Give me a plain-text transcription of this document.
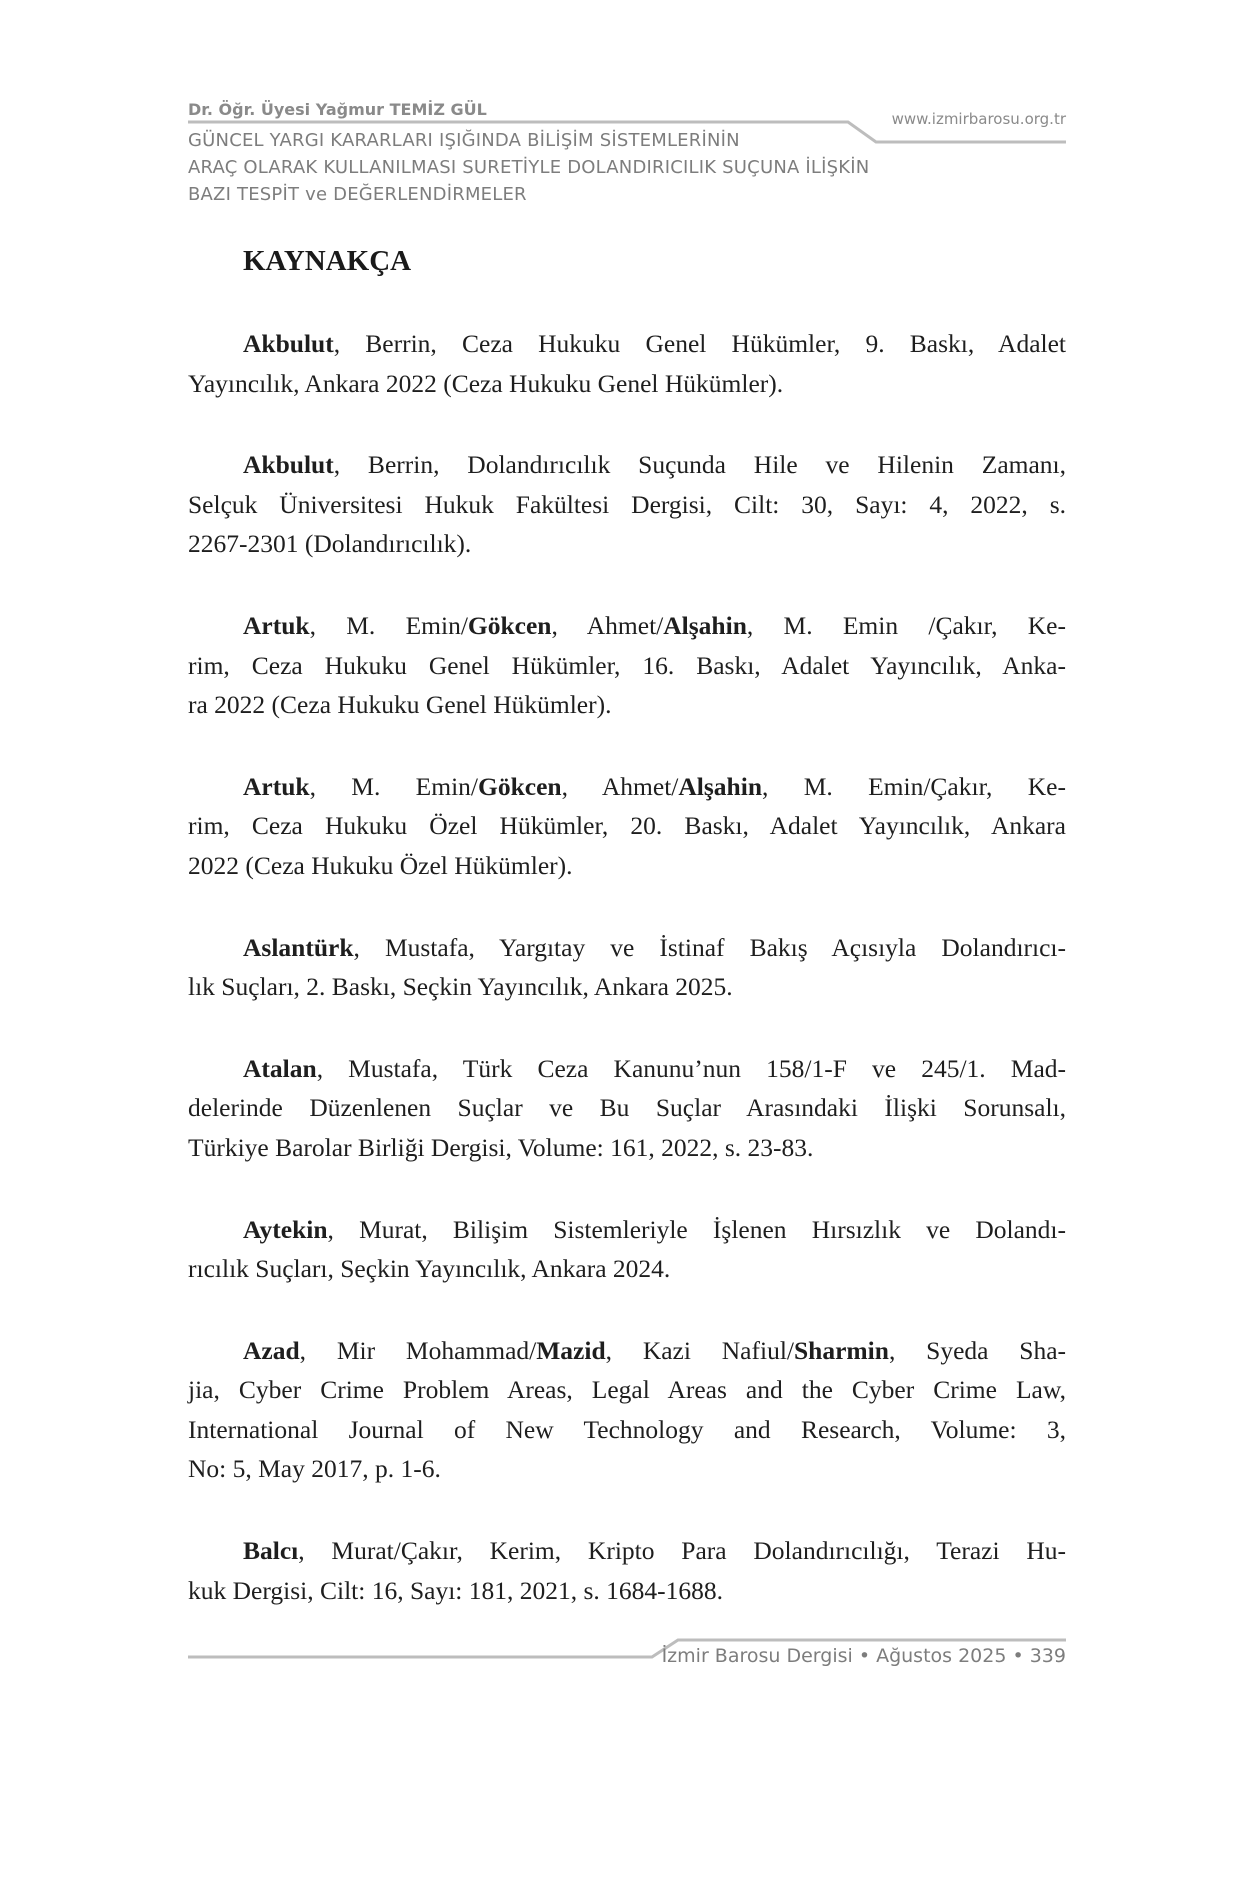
Dr. Öğr. Üyesi Yağmur TEMİZ GÜL	www.izmirbarosu.org.tr
GÜNCEL YARGI KARARLARI IŞIĞINDA BİLİŞİM SİSTEMLERİNİN
ARAÇ OLARAK KULLANILMASI SURETİYLE DOLANDIRICILIK SUÇUNA İLİŞKİN
BAZI TESPİT ve DEĞERLENDİRMELER
KAYNAKÇA
Akbulut, Berrin, Ceza Hukuku Genel Hükümler, 9. Baskı, Adalet
Yayıncılık, Ankara 2022 (Ceza Hukuku Genel Hükümler).
Akbulut, Berrin, Dolandırıcılık Suçunda Hile ve Hilenin Zamanı,
Selçuk Üniversitesi Hukuk Fakültesi Dergisi, Cilt: 30, Sayı: 4, 2022, s.
2267-2301 (Dolandırıcılık).
Artuk, M. Emin/Gökcen, Ahmet/Alşahin, M. Emin /Çakır, Ke-
rim, Ceza Hukuku Genel Hükümler, 16. Baskı, Adalet Yayıncılık, Anka-
ra 2022 (Ceza Hukuku Genel Hükümler).
Artuk, M. Emin/Gökcen, Ahmet/Alşahin, M. Emin/Çakır, Ke-
rim, Ceza Hukuku Özel Hükümler, 20. Baskı, Adalet Yayıncılık, Ankara
2022 (Ceza Hukuku Özel Hükümler).
Aslantürk, Mustafa, Yargıtay ve İstinaf Bakış Açısıyla Dolandırıcı-
lık Suçları, 2. Baskı, Seçkin Yayıncılık, Ankara 2025.
Atalan, Mustafa, Türk Ceza Kanunu’nun 158/1-F ve 245/1. Mad-
delerinde Düzenlenen Suçlar ve Bu Suçlar Arasındaki İlişki Sorunsalı,
Türkiye Barolar Birliği Dergisi, Volume: 161, 2022, s. 23-83.
Aytekin, Murat, Bilişim Sistemleriyle İşlenen Hırsızlık ve Dolandı-
rıcılık Suçları, Seçkin Yayıncılık, Ankara 2024.
Azad, Mir Mohammad/Mazid, Kazi Nafiul/Sharmin, Syeda Sha-
jia, Cyber Crime Problem Areas, Legal Areas and the Cyber Crime Law,
International Journal of New Technology and Research, Volume: 3,
No: 5, May 2017, p. 1-6.
Balcı, Murat/Çakır, Kerim, Kripto Para Dolandırıcılığı, Terazi Hu-
kuk Dergisi, Cilt: 16, Sayı: 181, 2021, s. 1684-1688.
İzmir Barosu Dergisi • Ağustos 2025 • 339
